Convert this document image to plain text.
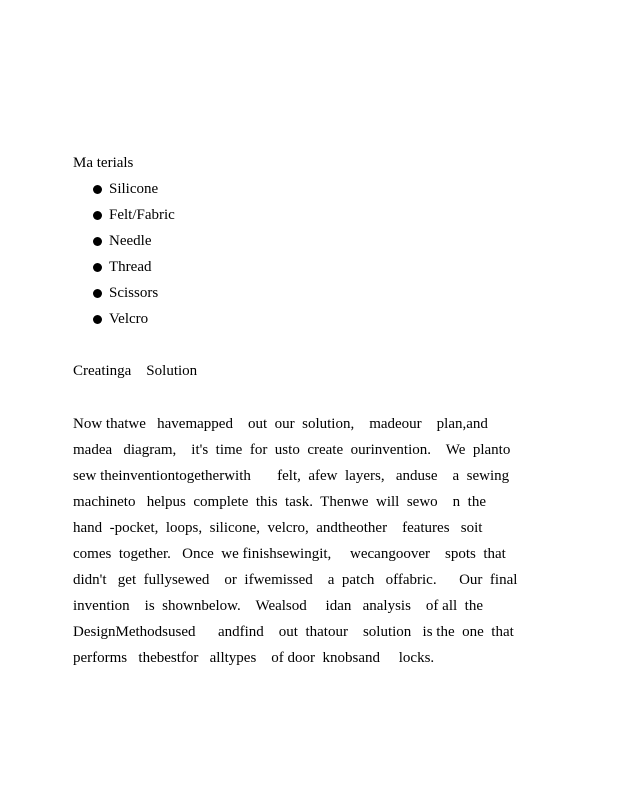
Ma terials
Silicone
Felt/Fabric
Needle
Thread
Scissors
Velcro
Creatinga    Solution
Now thatwe   havemapped    out  our  solution,    madeour    plan,and
madea   diagram,    it's  time  for  usto  create  ourinvention.    We  planto
sew theinventiontogetherwith       felt,  afew  layers,   anduse    a  sewing
machineto   helpus  complete  this  task.  Thenwe  will  sewo    n  the
hand  -pocket,  loops,  silicone,  velcro,  andtheother    features   soit
comes  together.   Once  we finishsewingit,     wecangoover    spots  that
didn't   get  fullysewed    or  ifwemissed    a  patch   offabric.      Our  final
invention    is  shownbelow.    Wealsod     idan   analysis    of all  the
DesignMethodsused      andfind    out  thatour    solution   is the  one  that
performs   thebestfor   alltypes    of door  knobsand     locks.
